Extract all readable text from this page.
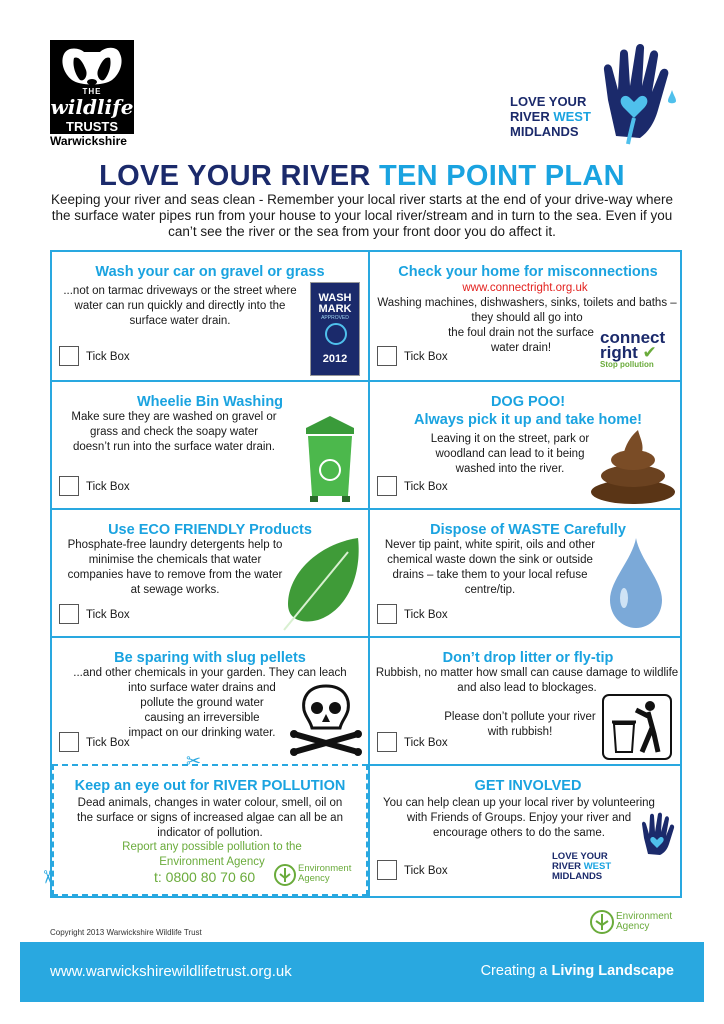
THE
wildlife
TRUSTS
Warwickshire
LOVE YOUR
RIVER WEST
MIDLANDS
LOVE YOUR RIVER TEN POINT PLAN
Keeping your river and seas clean - Remember your local river starts at the end of your drive-way where the surface water pipes run from your house to your local river/stream and in turn to the sea. Even if you can’t see the river or the sea from your front door you do affect it.
Wash your car on gravel or grass
...not on tarmac driveways or the street where water can run quickly and directly into the surface water drain.
WASH
MARK
APPROVED
2012
Tick Box
Check your home for misconnections
www.connectright.org.uk
Washing machines, dishwashers, sinks, toilets and baths – they should all go into
the foul drain not the surface water drain!
connect
right ✔
Stop pollution
Tick Box
Wheelie Bin Washing
Make sure they are washed on gravel or grass and check the soapy water doesn’t run into the surface water drain.
Tick Box
DOG POO!
Always pick it up and take home!
Leaving it on the street, park or woodland can lead to it being washed into the river.
Tick Box
Use ECO FRIENDLY Products
Phosphate-free laundry detergents help to minimise the chemicals that water companies have to remove from the water at sewage works.
Tick Box
Dispose of WASTE Carefully
Never tip paint, white spirit, oils and other chemical waste down the sink or outside drains – take them to your local refuse centre/tip.
Tick Box
Be sparing with slug pellets
...and other chemicals in your garden. They can leach
into surface water drains and pollute the ground water causing an irreversible impact on our drinking water.
Tick Box
Don’t drop litter or fly-tip
Rubbish, no matter how small can cause damage to wildlife and also lead to blockages.
Please don’t pollute your river with rubbish!
Tick Box
Keep an eye out for RIVER POLLUTION
Dead animals, changes in water colour, smell, oil on the surface or signs of increased algae can all be an indicator of pollution.
Report any possible pollution to the Environment Agency
t: 0800 80 70 60
Environment
Agency
GET INVOLVED
You can help clean up your local river by volunteering with Friends of Groups. Enjoy your river and encourage others to do the same.
LOVE YOUR
RIVER WEST
MIDLANDS
Tick Box
✂
✂
Copyright 2013 Warwickshire Wildlife Trust
Environment
Agency
www.warwickshirewildlifetrust.org.uk	Creating a Living Landscape
